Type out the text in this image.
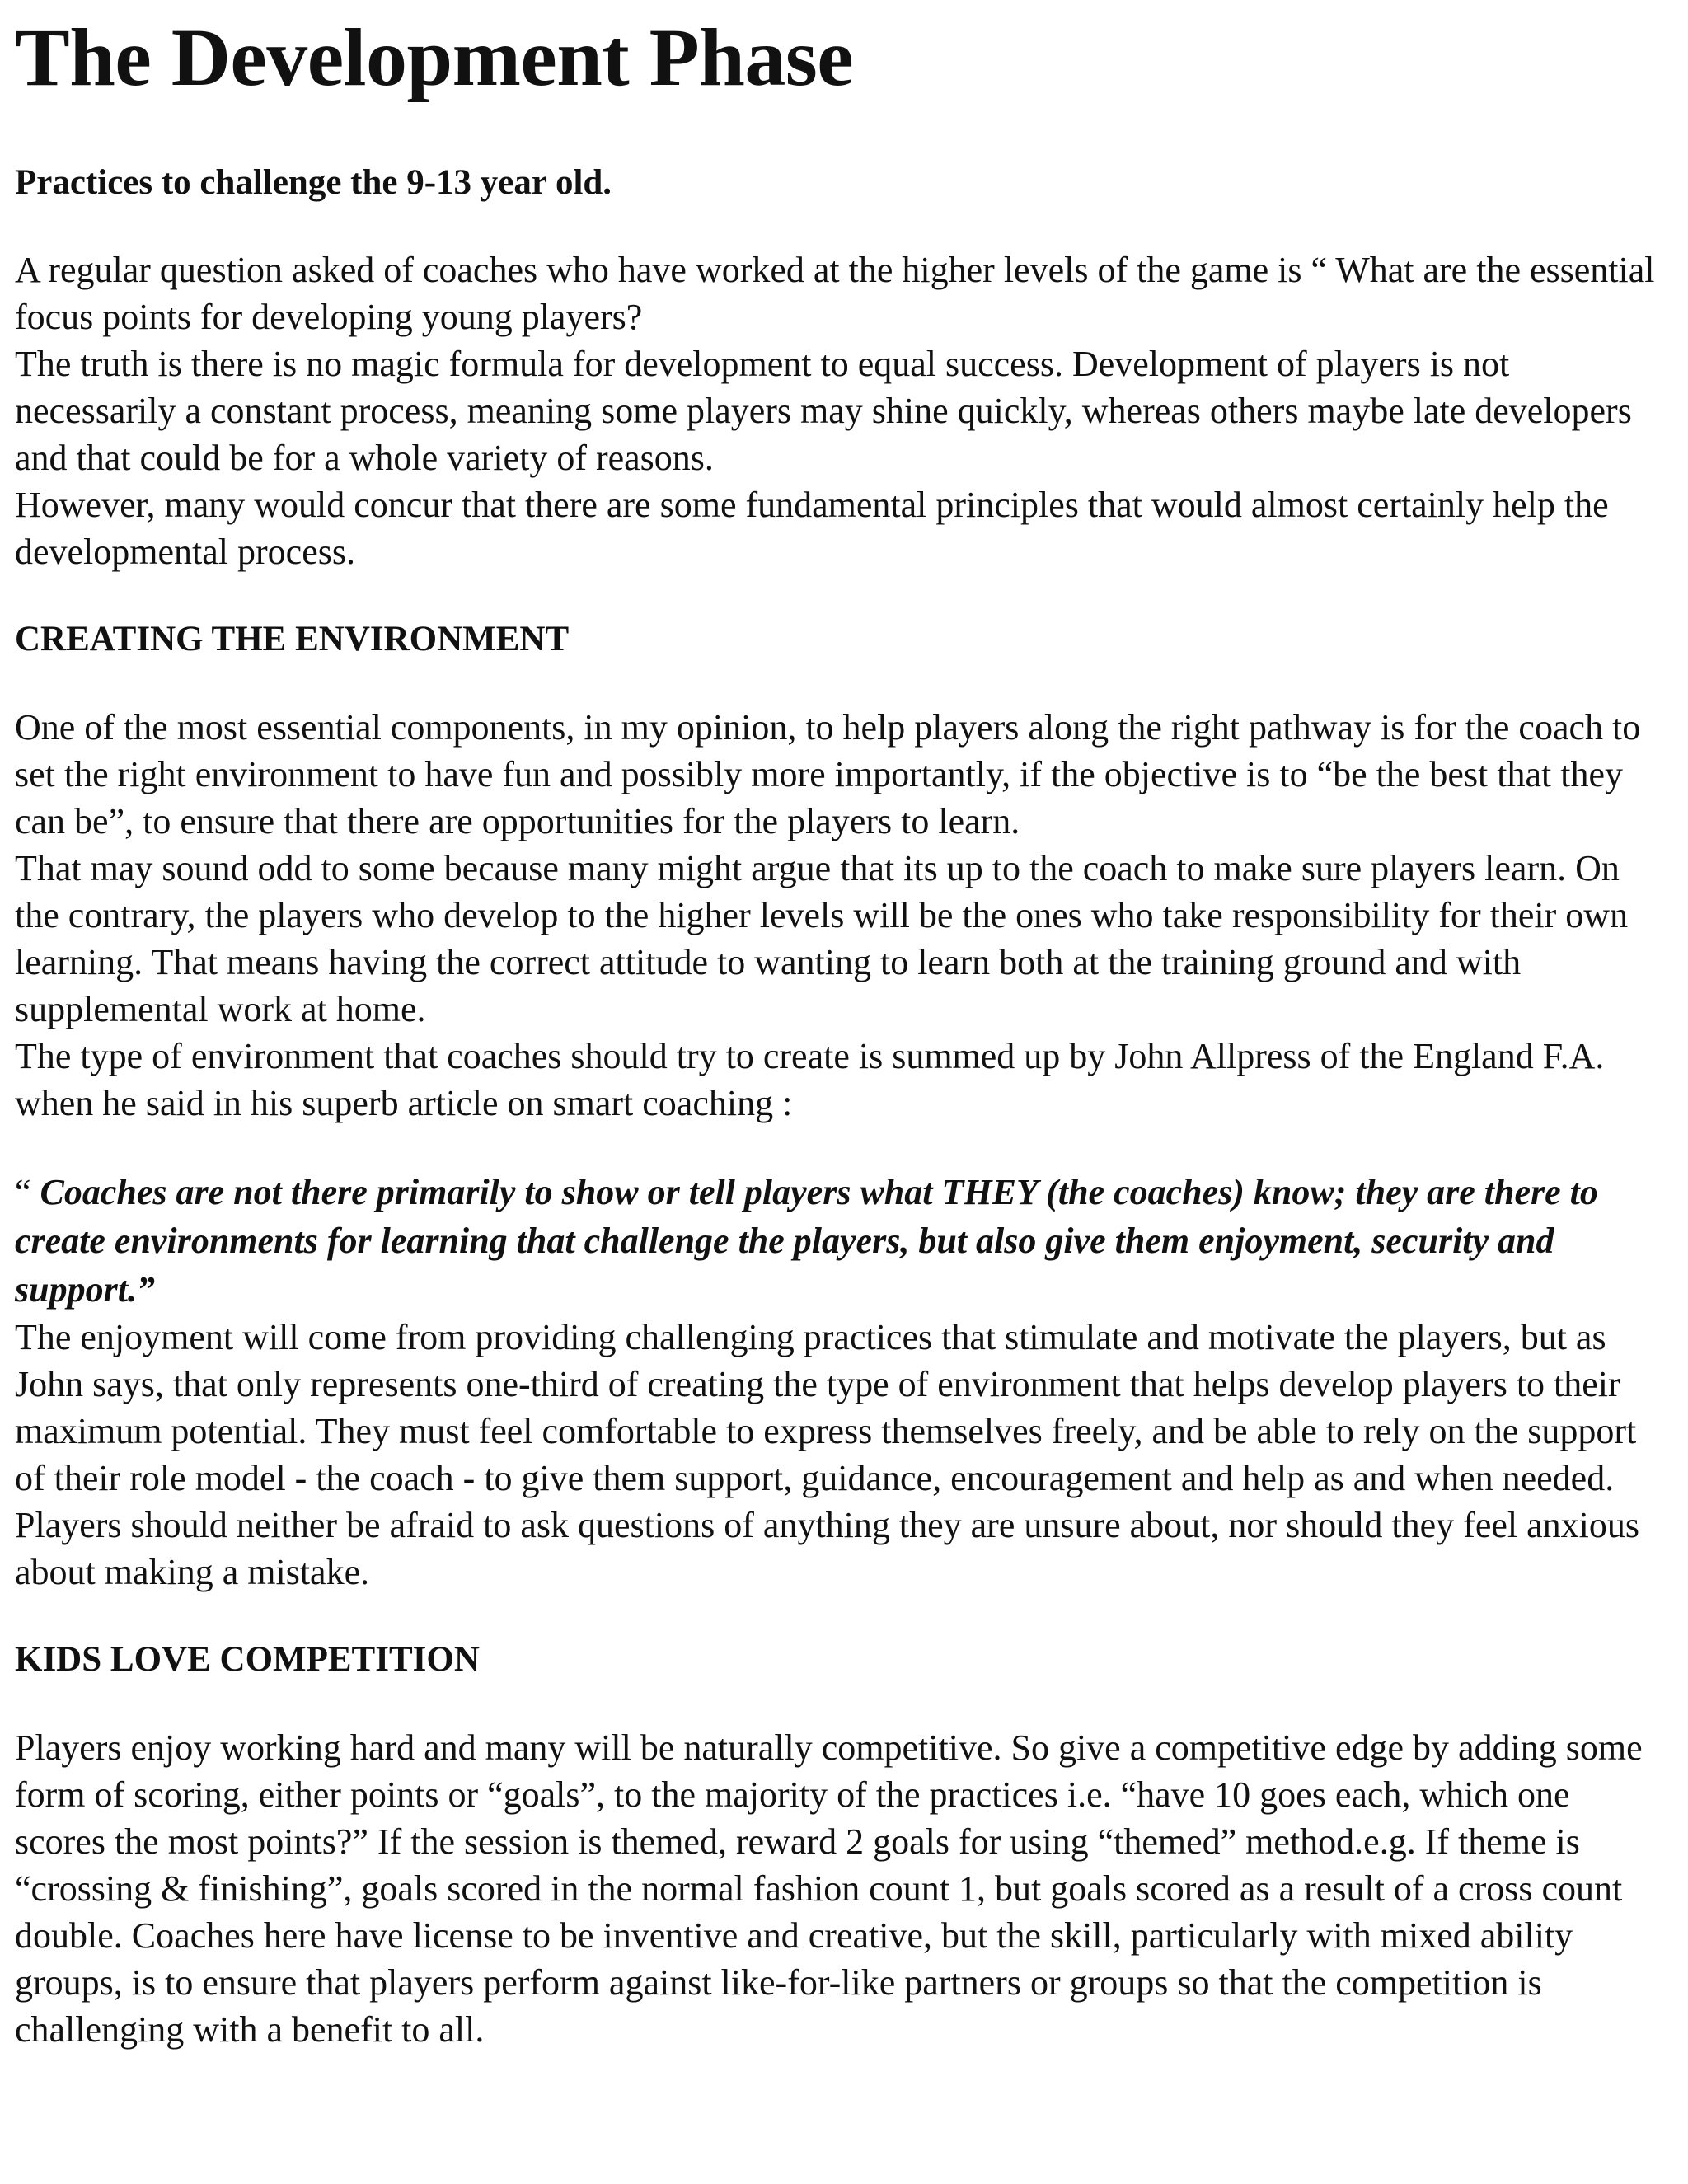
The Development Phase

Practices to challenge the 9-13 year old.

A regular question asked of coaches who have worked at the higher levels of the game is “ What are the essential focus points for developing young players?

The truth is there is no magic formula for development to equal success. Development of players is not necessarily a constant process, meaning some players may shine quickly, whereas others maybe late developers and that could be for a whole variety of reasons.

However, many would concur that there are some fundamental principles that would almost certainly help the developmental process.

CREATING THE ENVIRONMENT

One of the most essential components, in my opinion, to help players along the right pathway is for the coach to set the right environment to have fun and possibly more importantly, if the objective is to “be the best that they can be”, to ensure that there are opportunities for the players to learn.

That may sound odd to some because many might argue that its up to the coach to make sure players learn. On the contrary, the players who develop to the higher levels will be the ones who take responsibility for their own learning. That means having the correct attitude to wanting to learn both at the training ground and with supplemental work at home.

The type of environment that coaches should try to create is summed up by John Allpress of the England F.A. when he said in his superb article on smart coaching :

“ Coaches are not there primarily to show or tell players what THEY (the coaches) know; they are there to create environments for learning that challenge the players, but also give them enjoyment, security and support.”

The enjoyment will come from providing challenging practices that stimulate and motivate the players, but as John says, that only represents one-third of creating the type of environment that helps develop players to their maximum potential. They must feel comfortable to express themselves freely, and be able to rely on the support of their role model - the coach - to give them support, guidance, encouragement and help as and when needed. Players should neither be afraid to ask questions of anything they are unsure about, nor should they feel anxious about making a mistake.

KIDS LOVE COMPETITION

Players enjoy working hard and many will be naturally competitive. So give a competitive edge by adding some form of scoring, either points or “goals”, to the majority of the practices i.e. “have 10 goes each, which one scores the most points?” If the session is themed, reward 2 goals for using “themed” method.e.g. If theme is “crossing & finishing”, goals scored in the normal fashion count 1, but goals scored as a result of a cross count double. Coaches here have license to be inventive and creative, but the skill, particularly with mixed ability groups, is to ensure that players perform against like-for-like partners or groups so that the competition is challenging with a benefit to all.
